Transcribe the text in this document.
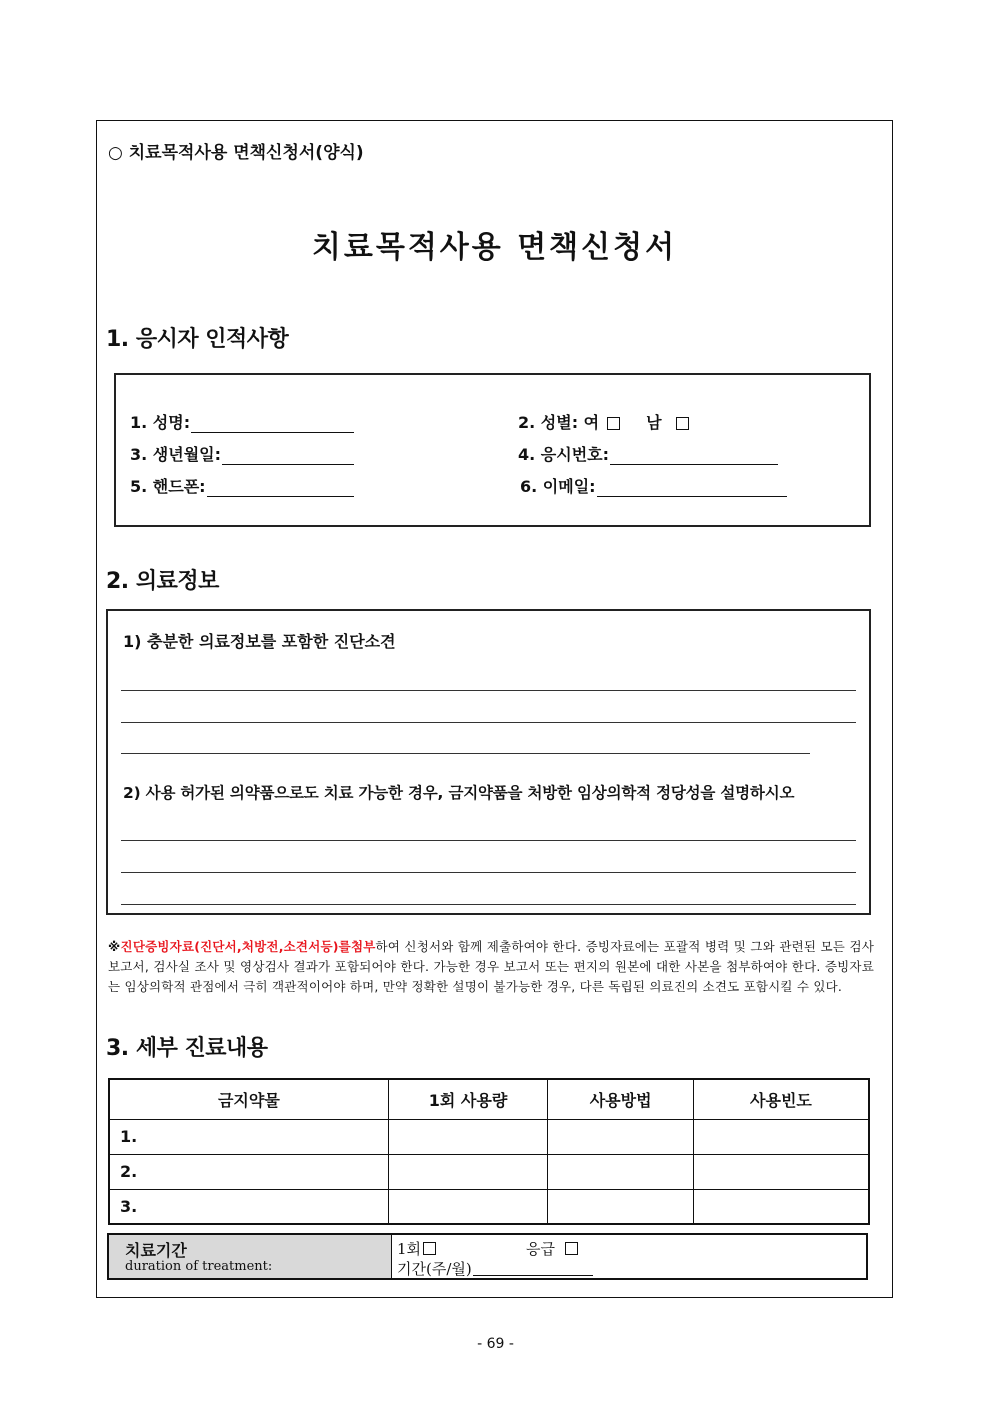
○ 치료목적사용 면책신청서(양식)
치료목적사용 면책신청서
1. 응시자 인적사항
1. 성명:	2. 성별: 여	남
3. 생년월일:	4. 응시번호:
5. 핸드폰:	6. 이메일:
2. 의료정보
1) 충분한 의료정보를 포함한 진단소견
2) 사용 허가된 의약품으로도 치료 가능한 경우, 금지약품을 처방한 임상의학적 정당성을 설명하시오
※진단증빙자료(진단서,처방전,소견서등)를첨부하여 신청서와 함께 제출하여야 한다. 증빙자료에는 포괄적 병력 및 그와 관련된 모든 검사보고서, 검사실 조사 및 영상검사 결과가 포함되어야 한다. 가능한 경우 보고서 또는 편지의 원본에 대한 사본을 첨부하여야 한다. 증빙자료는 임상의학적 관점에서 극히 객관적이어야 하며, 만약 정확한 설명이 불가능한 경우, 다른 독립된 의료진의 소견도 포함시킬 수 있다.
3. 세부 진료내용
금지약물	1회 사용량	사용방법	사용빈도
1.			
2.			
3.			
치료기간
duration of treatment:
1회	응급
기간(주/월)
- 69 -
